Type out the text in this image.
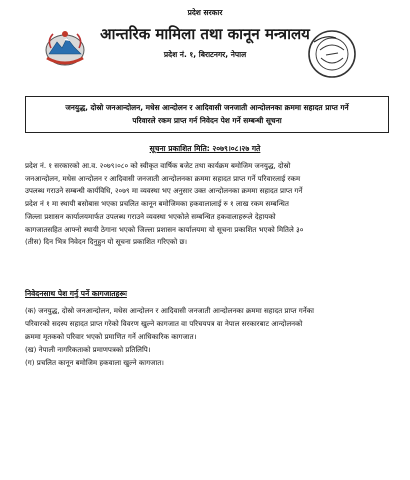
प्रदेश सरकार
आन्तरिक मामिला तथा कानून मन्त्रालय
प्रदेश नं. १, बिराटनगर, नेपाल
जनयुद्ध, दोस्रो जनआन्दोलन, मधेस आन्दोलन र आदिवासी जनजाती आन्दोलनका क्रममा सहादत प्राप्त गर्ने
परिवारले रकम प्राप्त गर्न निवेदन पेश गर्ने सम्बन्धी सूचना
सूचना प्रकाशित मिति: २०७९।०८।२७ गते
प्रदेश नं. १ सरकारको आ.व. २०७९।०८० को स्वीकृत वार्षिक बजेट तथा कार्यक्रम बमोजिम जनयुद्ध, दोस्रो
जनआन्दोलन, मधेस आन्दोलन र आदिवासी जनजाती आन्दोलनका क्रममा सहादत प्राप्त गर्ने परिवारलाई रकम
उपलब्ध गराउने सम्बन्धी कार्यविधि, २०७९ मा व्यवस्था भए अनुसार उक्त आन्दोलनका क्रममा सहादत प्राप्त गर्ने
प्रदेश नं १ मा स्थायी बसोबास भएका प्रचलित कानून बमोजिमका हकवालालाई रु १ लाख रकम सम्बन्धित
जिल्ला प्रशासन कार्यालयमार्फत उपलब्ध गराउने व्यवस्था भएकोले सम्बन्धित हकवालाहरूले देहायको
कागजातसहित आफ्नो स्थायी ठेगाना भएको जिल्ला प्रशासन कार्यालयमा यो सूचना प्रकाशित भएको मितिले ३०
(तीस) दिन भित्र निवेदन दिनुहुन यो सूचना प्रकाशित गरिएको छ।
निवेदनसाथ पेश गर्नु पर्ने कागजातहरूः
(क) जनयुद्ध, दोस्रो जनआन्दोलन, मधेस आन्दोलन र आदिवासी जनजाती आन्दोलनका क्रममा सहादत प्राप्त गर्नेका
परिवारको सदस्य सहादत प्राप्त गरेको विवरण खुल्ने कागजात वा परिचयपत्र वा नेपाल सरकारबाट आन्दोलनको
क्रममा मृतकको परिवार भएको प्रमाणित गर्ने आधिकारिक कागजात।
(ख) नेपाली नागरिकताको प्रमाणपत्रको प्रतिलिपि।
(ग) प्रचलित कानून बमोजिम हकवाला खुल्ने कागजात।
